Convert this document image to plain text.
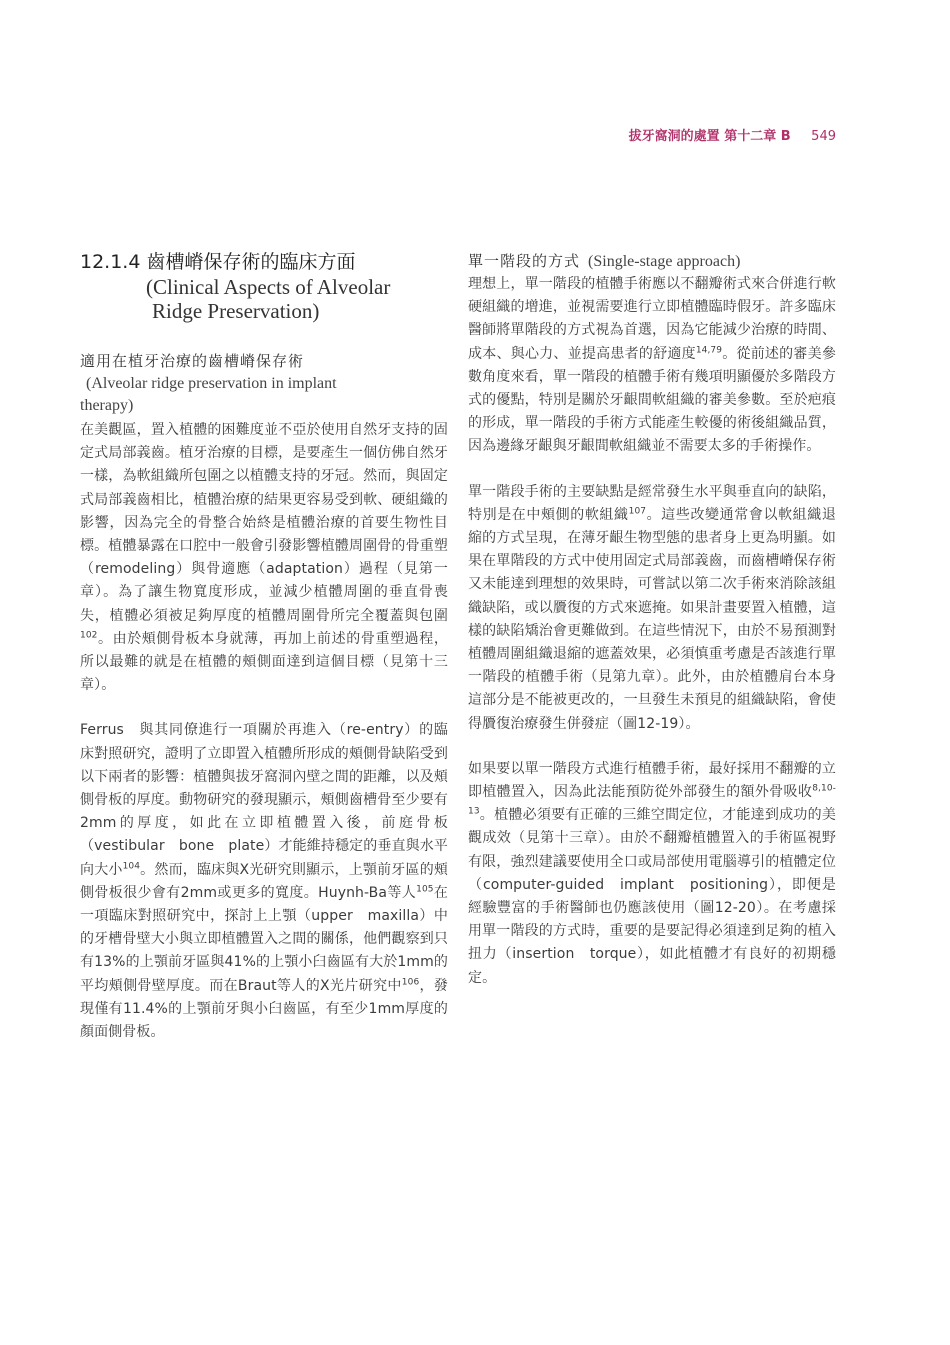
拔牙窩洞的處置 第十二章 B 549
12.1.4 齒槽嵴保存術的臨床方面
(Clinical Aspects of Alveolar
Ridge Preservation)
適用在植牙治療的齒槽嵴保存術
(Alveolar ridge preservation in implant
therapy)

在美觀區，置入植體的困難度並不亞於使用自然牙支持的固定式局部義齒。植牙治療的目標，是要產生一個仿佛自然牙一樣，為軟組織所包圍之以植體支持的牙冠。然而，與固定式局部義齒相比，植體治療的結果更容易受到軟、硬組織的影響，因為完全的骨整合始終是植體治療的首要生物性目標。植體暴露在口腔中一般會引發影響植體周圍骨的骨重塑（remodeling）與骨適應（adaptation）過程（見第一章）。為了讓生物寬度形成，並減少植體周圍的垂直骨喪失，植體必須被足夠厚度的植體周圍骨所完全覆蓋與包圍$^{102}$。由於頰側骨板本身就薄，再加上前述的骨重塑過程，所以最難的就是在植體的頰側面達到這個目標（見第十三章）。

Ferrus　與其同僚進行一項關於再進入（re-entry）的臨床對照研究，證明了立即置入植體所形成的頰側骨缺陷受到以下兩者的影響：植體與拔牙窩洞內壁之間的距離，以及頰側骨板的厚度。動物研究的發現顯示，頰側齒槽骨至少要有2mm的厚度，如此在立即植體置入後，前庭骨板（vestibular　bone　plate）才能維持穩定的垂直與水平向大小$^{104}$。然而，臨床與X光研究則顯示，上顎前牙區的頰側骨板很少會有2mm或更多的寬度。Huynh-Ba等人$^{105}$在一項臨床對照研究中，探討上上顎（upper　maxilla）中的牙槽骨壁大小與立即植體置入之間的關係，他們觀察到只有13%的上顎前牙區與41%的上顎小臼齒區有大於1mm的平均頰側骨壁厚度。而在Braut等人的X光片研究中$^{106}$，發現僅有11.4%的上顎前牙與小臼齒區，有至少1mm厚度的顏面側骨板。

單一階段的方式 (Single-stage approach)

理想上，單一階段的植體手術應以不翻瓣術式來合併進行軟硬組織的增進，並視需要進行立即植體臨時假牙。許多臨床醫師將單階段的方式視為首選，因為它能減少治療的時間、成本、與心力、並提高患者的舒適度$^{14,79}$。從前述的審美參數角度來看，單一階段的植體手術有幾項明顯優於多階段方式的優點，特別是關於牙齦間軟組織的審美參數。至於疤痕的形成，單一階段的手術方式能產生較優的術後組織品質，因為邊緣牙齦與牙齦間軟組織並不需要太多的手術操作。

單一階段手術的主要缺點是經常發生水平與垂直向的缺陷，特別是在中頰側的軟組織$^{107}$。這些改變通常會以軟組織退縮的方式呈現，在薄牙齦生物型態的患者身上更為明顯。如果在單階段的方式中使用固定式局部義齒，而齒槽嵴保存術又未能達到理想的效果時，可嘗試以第二次手術來消除該組織缺陷，或以贗復的方式來遮掩。如果計畫要置入植體，這樣的缺陷矯治會更難做到。在這些情況下，由於不易預測對植體周圍組織退縮的遮蓋效果，必須慎重考慮是否該進行單一階段的植體手術（見第九章）。此外，由於植體肩台本身這部分是不能被更改的，一旦發生未預見的組織缺陷，會使得贗復治療發生併發症（圖12-19）。

如果要以單一階段方式進行植體手術，最好採用不翻瓣的立即植體置入，因為此法能預防從外部發生的額外骨吸收$^{8,10-13}$。植體必須要有正確的三維空間定位，才能達到成功的美觀成效（見第十三章）。由於不翻瓣植體置入的手術區視野有限，強烈建議要使用全口或局部使用電腦導引的植體定位（computer-guided　implant　positioning），即便是經驗豐富的手術醫師也仍應該使用（圖12-20）。在考慮採用單一階段的方式時，重要的是要記得必須達到足夠的植入扭力（insertion　torque），如此植體才有良好的初期穩定。
